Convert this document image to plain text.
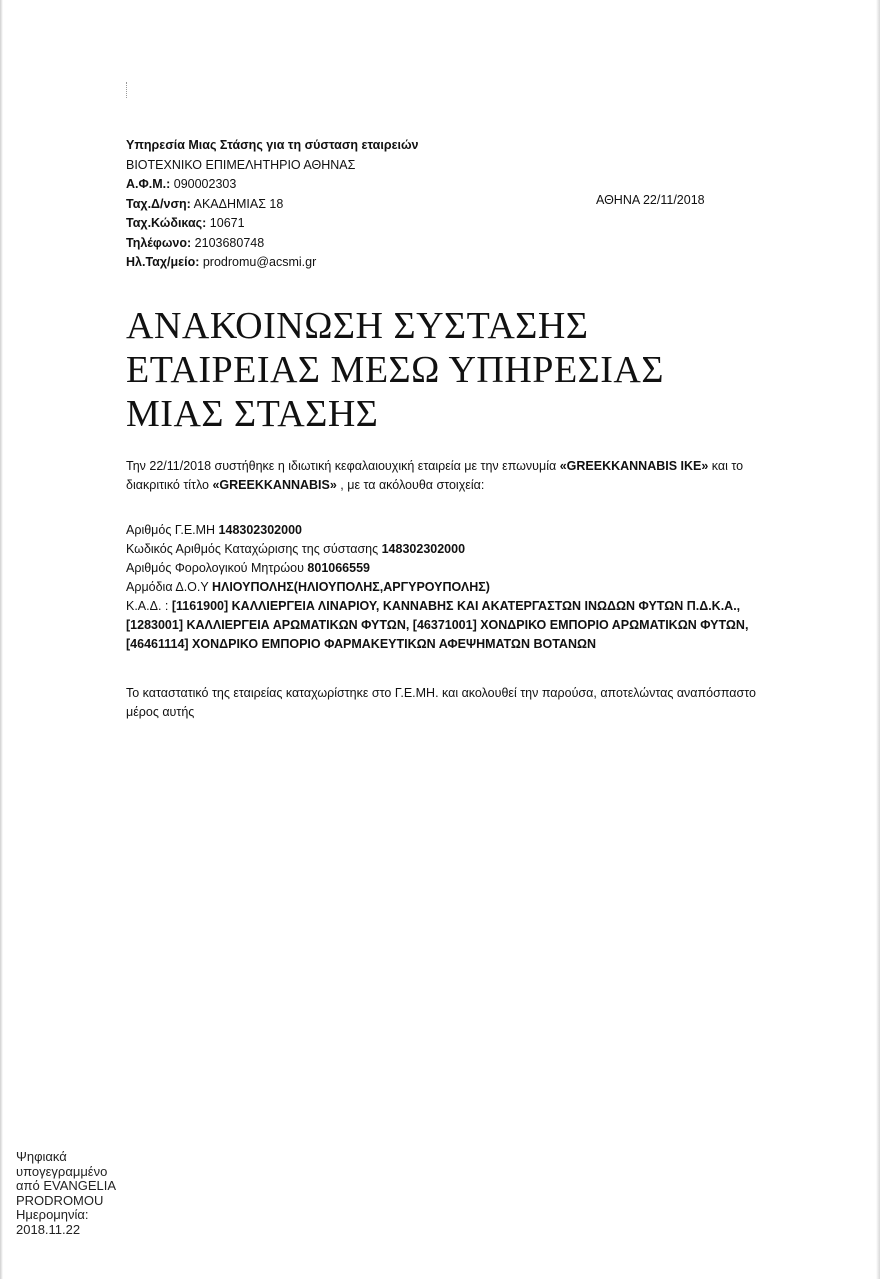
Υπηρεσία Μιας Στάσης για τη σύσταση εταιρειών
ΒΙΟΤΕΧΝΙΚΟ ΕΠΙΜΕΛΗΤΗΡΙΟ ΑΘΗΝΑΣ
Α.Φ.Μ.: 090002303
Ταχ.Δ/νση: ΑΚΑΔΗΜΙΑΣ 18
Ταχ.Κώδικας: 10671
Τηλέφωνο: 2103680748
Ηλ.Ταχ/μείο: prodromu@acsmi.gr
ΑΘΗΝΑ 22/11/2018
ΑΝΑΚΟΙΝΩΣΗ ΣΥΣΤΑΣΗΣ
ΕΤΑΙΡΕΙΑΣ ΜΕΣΩ ΥΠΗΡΕΣΙΑΣ
ΜΙΑΣ ΣΤΑΣΗΣ
Την 22/11/2018 συστήθηκε η ιδιωτική κεφαλαιουχική εταιρεία με την επωνυμία «GREEKKANNABIS ΙΚΕ» και το διακριτικό τίτλο «GREEKKANNABIS» , με τα ακόλουθα στοιχεία:
Αριθμός Γ.Ε.ΜΗ 148302302000
Κωδικός Αριθμός Καταχώρισης της σύστασης 148302302000
Αριθμός Φορολογικού Μητρώου 801066559
Αρμόδια Δ.Ο.Υ ΗΛΙΟΥΠΟΛΗΣ(ΗΛΙΟΥΠΟΛΗΣ,ΑΡΓΥΡΟΥΠΟΛΗΣ)
Κ.Α.Δ. : [1161900] ΚΑΛΛΙΕΡΓΕΙΑ ΛΙΝΑΡΙΟΥ, ΚΑΝΝΑΒΗΣ ΚΑΙ ΑΚΑΤΕΡΓΑΣΤΩΝ ΙΝΩΔΩΝ ΦΥΤΩΝ Π.Δ.Κ.Α., [1283001] ΚΑΛΛΙΕΡΓΕΙΑ ΑΡΩΜΑΤΙΚΩΝ ΦΥΤΩΝ, [46371001] ΧΟΝΔΡΙΚΟ ΕΜΠΟΡΙΟ ΑΡΩΜΑΤΙΚΩΝ ΦΥΤΩΝ, [46461114] ΧΟΝΔΡΙΚΟ ΕΜΠΟΡΙΟ ΦΑΡΜΑΚΕΥΤΙΚΩΝ ΑΦΕΨΗΜΑΤΩΝ ΒΟΤΑΝΩΝ
Το καταστατικό της εταιρείας καταχωρίστηκε στο Γ.Ε.ΜΗ. και ακολουθεί την παρούσα, αποτελώντας αναπόσπαστο μέρος αυτής
Ψηφιακά
υπογεγραμμένο
από EVANGELIA
PRODROMOU
Ημερομηνία:
2018.11.22
